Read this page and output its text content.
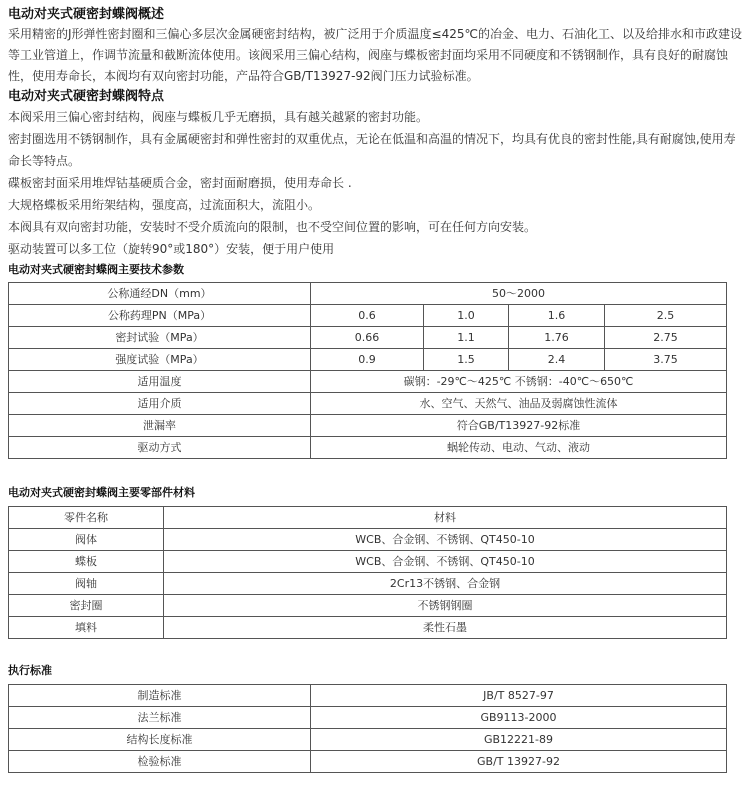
电动对夹式硬密封蝶阀概述

采用精密的J形弹性密封圈和三偏心多层次金属硬密封结构，被广泛用于介质温度≤425℃的冶金、电力、石油化工、以及给排水和市政建设等工业管道上，作调节流量和截断流体使用。该阀采用三偏心结构，阀座与蝶板密封面均采用不同硬度和不锈钢制作，具有良好的耐腐蚀性，使用寿命长，本阀均有双向密封功能，产品符合GB/T13927-92阀门压力试验标准。

电动对夹式硬密封蝶阀特点

本阀采用三偏心密封结构，阀座与蝶板几乎无磨损，具有越关越紧的密封功能。

密封圈选用不锈钢制作，具有金属硬密封和弹性密封的双重优点，无论在低温和高温的情况下，均具有优良的密封性能,具有耐腐蚀,使用寿命长等特点。

碟板密封面采用堆焊钴基硬质合金，密封面耐磨损，使用寿命长 .

大规格蝶板采用绗架结构，强度高，过流面积大，流阻小。

本阀具有双向密封功能，安装时不受介质流向的限制，也不受空间位置的影响，可在任何方向安装。

驱动装置可以多工位（旋转90°或180°）安装，便于用户使用

电动对夹式硬密封蝶阀主要技术参数
公称通经DN（mm）	50～2000			
公称药理PN（MPa）	0.6	1.0	1.6	2.5
密封试验（MPa）	0.66	1.1	1.76	2.75
强度试验（MPa）	0.9	1.5	2.4	3.75
适用温度	碳钢：-29℃～425℃ 不锈钢：-40℃～650℃			
适用介质	水、空气、天然气、油品及弱腐蚀性流体			
泄漏率	符合GB/T13927-92标准			
驱动方式	蜗轮传动、电动、气动、液动			
电动对夹式硬密封蝶阀主要零部件材料
零件名称	材料
阀体	WCB、合金钢、不锈钢、QT450-10
蝶板	WCB、合金钢、不锈钢、QT450-10
阀轴	2Cr13不锈钢、合金钢
密封圈	不锈钢钢圈
填料	柔性石墨
执行标准
制造标准	JB/T 8527-97
法兰标准	GB9113-2000
结构长度标准	GB12221-89
检验标准	GB/T 13927-92
